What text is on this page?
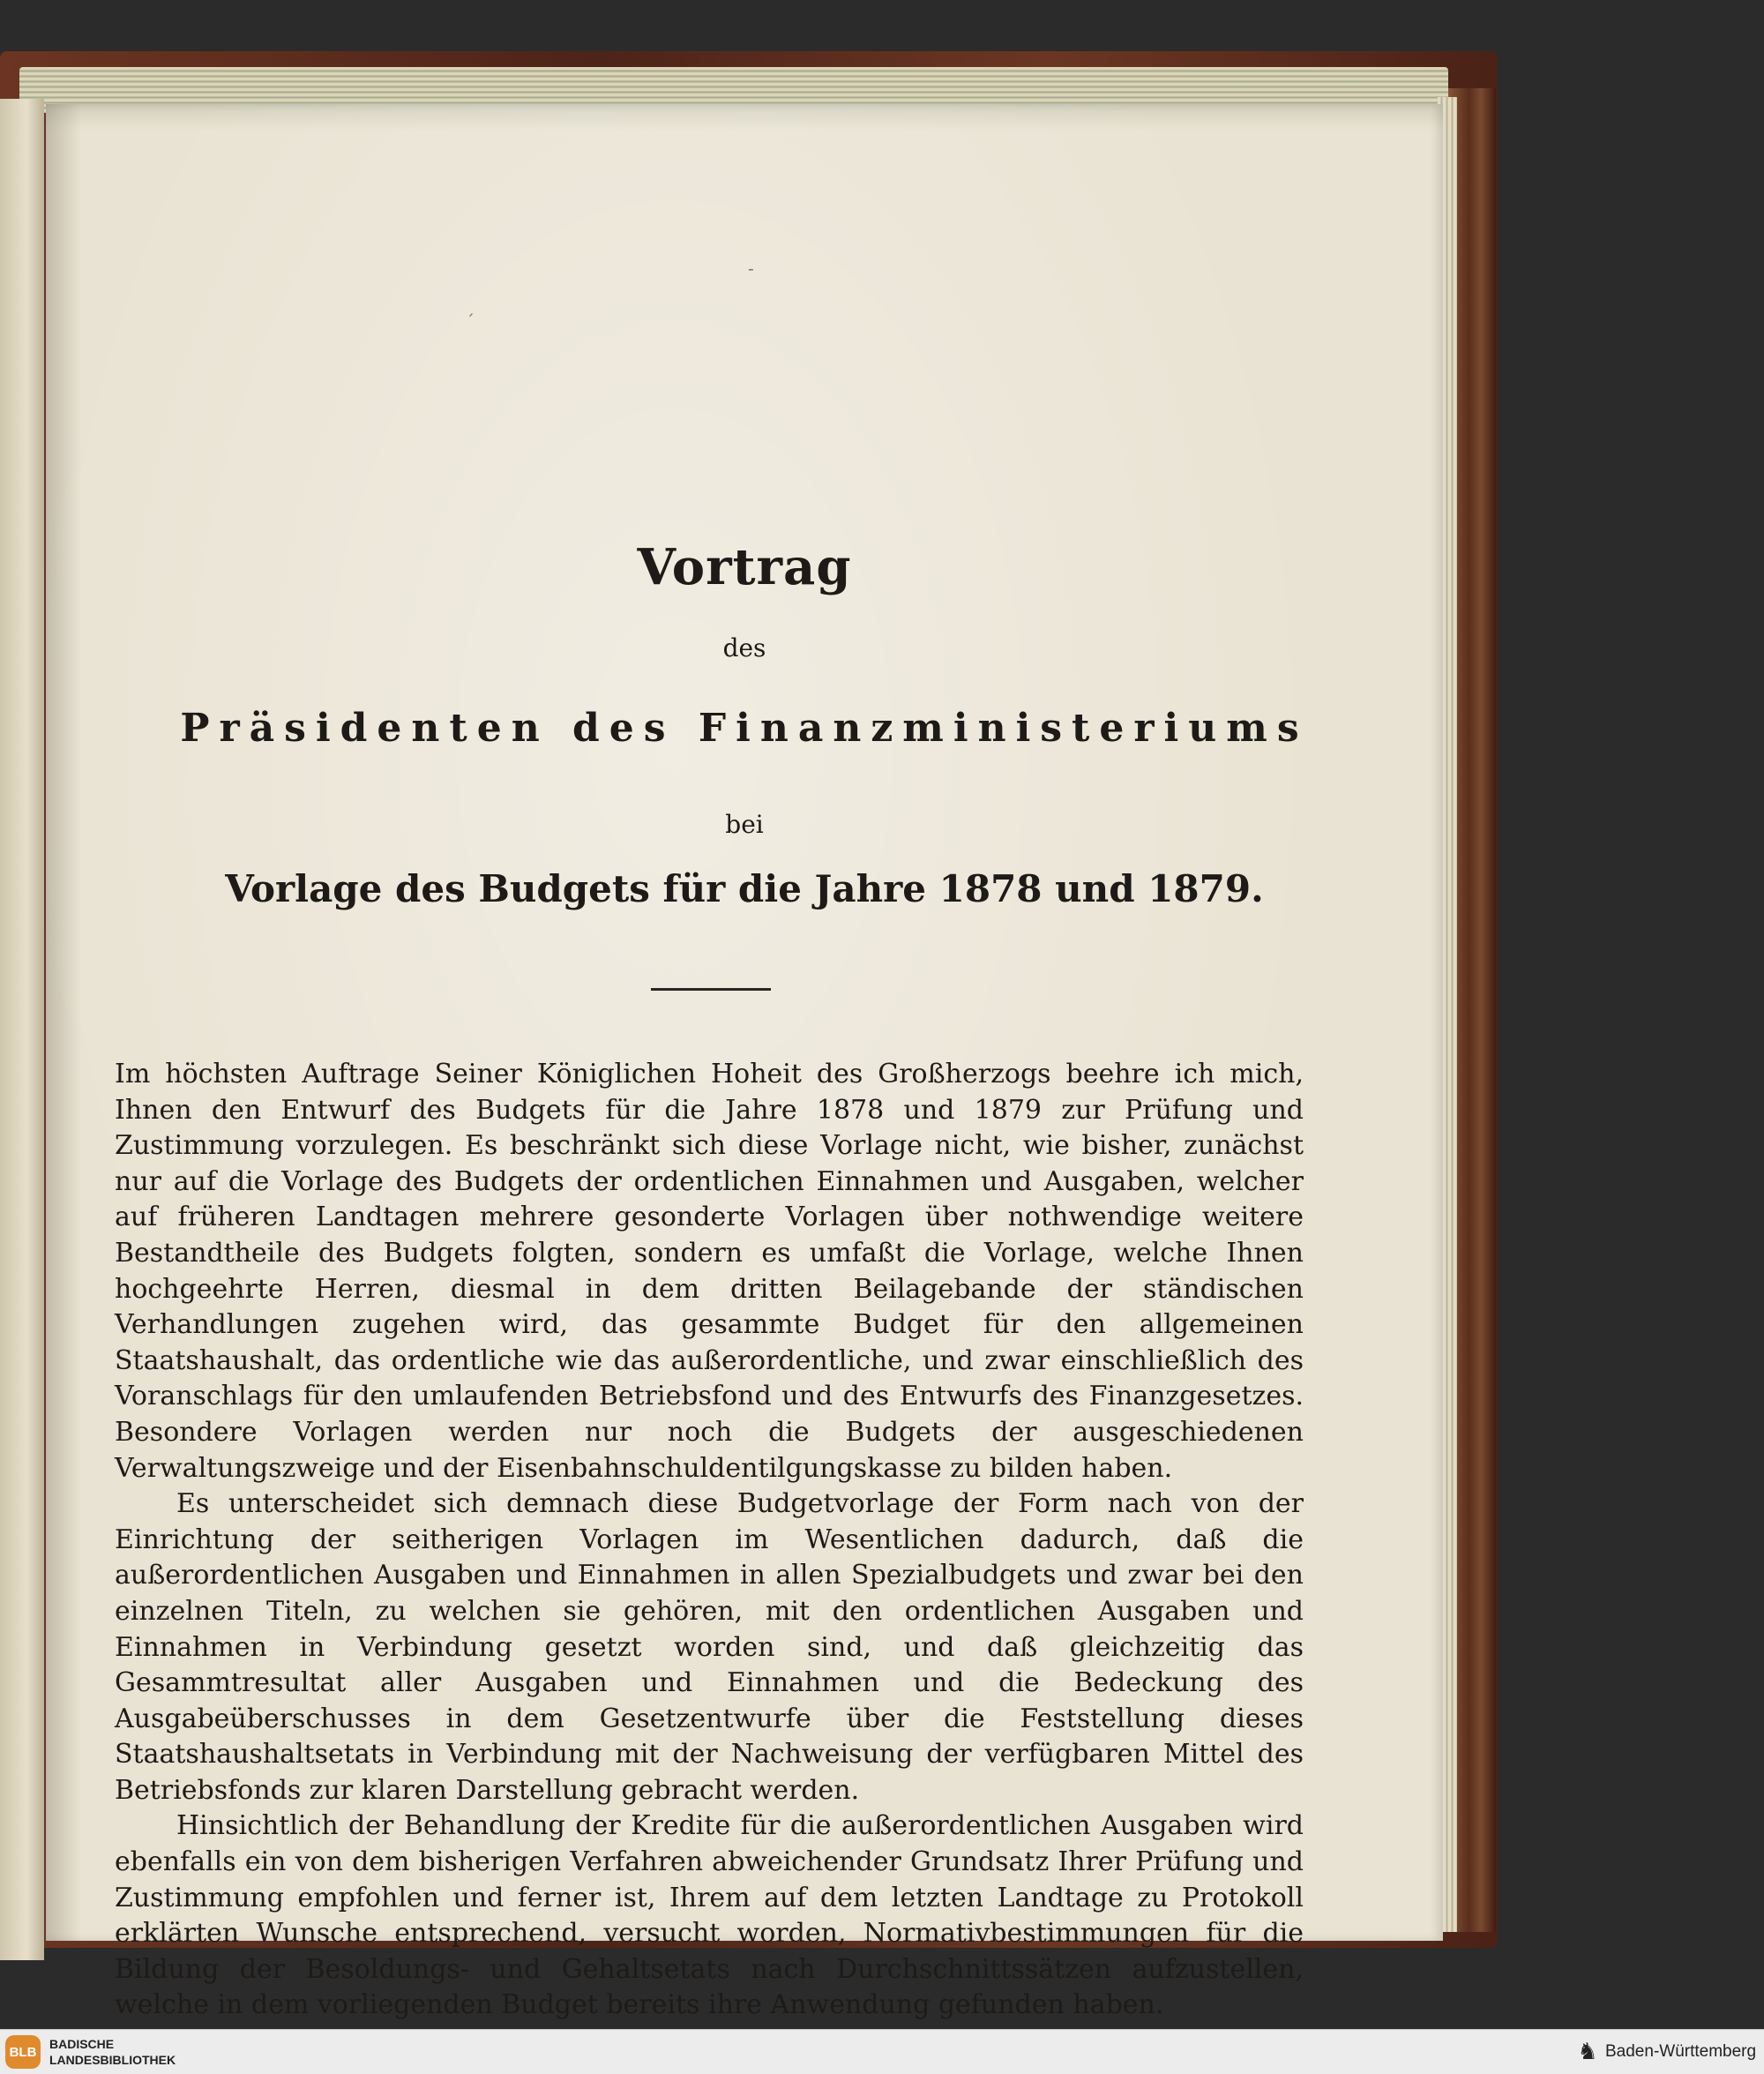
´
-
Vortrag
des
Präsidenten des Finanzministeriums
bei
Vorlage des Budgets für die Jahre 1878 und 1879.

Im höchsten Auftrage Seiner Königlichen Hoheit des Großherzogs beehre ich mich, Ihnen den Entwurf des Budgets für die Jahre 1878 und 1879 zur Prüfung und Zustimmung vorzulegen. Es beschränkt sich diese Vorlage nicht, wie bisher, zunächst nur auf die Vorlage des Budgets der ordentlichen Einnahmen und Ausgaben, welcher auf früheren Landtagen mehrere gesonderte Vorlagen über nothwendige weitere Bestandtheile des Budgets folgten, sondern es umfaßt die Vorlage, welche Ihnen hochgeehrte Herren, diesmal in dem dritten Beilagebande der ständischen Verhandlungen zugehen wird, das gesammte Budget für den allgemeinen Staatshaushalt, das ordentliche wie das außerordentliche, und zwar einschließlich des Voranschlags für den umlaufenden Betriebsfond und des Entwurfs des Finanzgesetzes. Besondere Vorlagen werden nur noch die Budgets der ausgeschiedenen Verwaltungszweige und der Eisenbahnschuldentilgungskasse zu bilden haben.

Es unterscheidet sich demnach diese Budgetvorlage der Form nach von der Einrichtung der seitherigen Vorlagen im Wesentlichen dadurch, daß die außerordentlichen Ausgaben und Einnahmen in allen Spezialbudgets und zwar bei den einzelnen Titeln, zu welchen sie gehören, mit den ordentlichen Ausgaben und Einnahmen in Verbindung gesetzt worden sind, und daß gleichzeitig das Gesammtresultat aller Ausgaben und Einnahmen und die Bedeckung des Ausgabeüberschusses in dem Gesetzentwurfe über die Feststellung dieses Staatshaushaltsetats in Verbindung mit der Nachweisung der verfügbaren Mittel des Betriebsfonds zur klaren Darstellung gebracht werden.

Hinsichtlich der Behandlung der Kredite für die außerordentlichen Ausgaben wird ebenfalls ein von dem bisherigen Verfahren abweichender Grundsatz Ihrer Prüfung und Zustimmung empfohlen und ferner ist, Ihrem auf dem letzten Landtage zu Protokoll erklärten Wunsche entsprechend, versucht worden, Normativbestimmungen für die Bildung der Besoldungs- und Gehaltsetats nach Durchschnittssätzen aufzustellen, welche in dem vorliegenden Budget bereits ihre Anwendung gefunden haben.

BLB
BADISCHE
LANDESBIBLIOTHEK	♞ Baden-Württemberg
